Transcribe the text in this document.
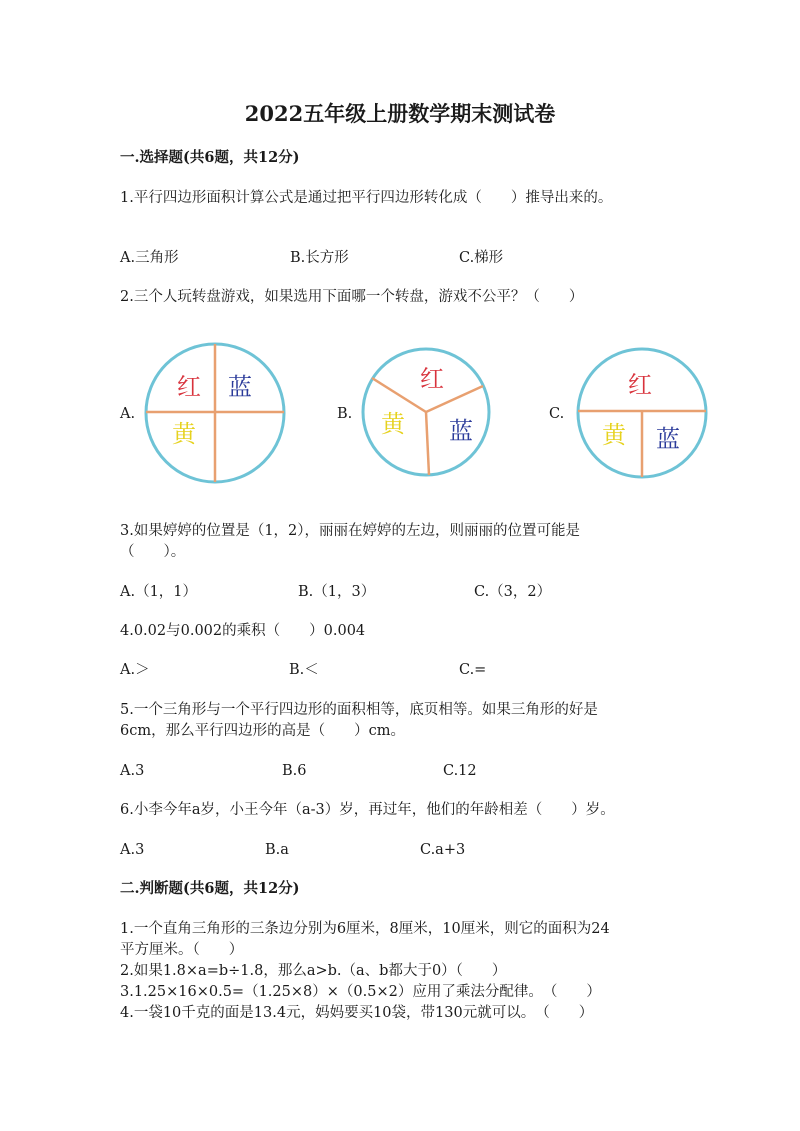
2022五年级上册数学期末测试卷
一.选择题(共6题，共12分)
1.平行四边形面积计算公式是通过把平行四边形转化成（　　）推导出来的。
A.三角形	B.长方形	C.梯形
2.三个人玩转盘游戏，如果选用下面哪一个转盘，游戏不公平？（　　）
A.	B.	C.
红 蓝
黄
红
黄 蓝
红
黄 蓝
3.如果婷婷的位置是（1，2），丽丽在婷婷的左边，则丽丽的位置可能是
（　　）。
A.（1，1）	B.（1，3）	C.（3，2）
4.0.02与0.002的乘积（　　）0.004
A.＞	B.＜	C.=
5.一个三角形与一个平行四边形的面积相等，底页相等。如果三角形的好是
6cm，那么平行四边形的高是（　　）cm。
A.3	B.6	C.12
6.小李今年a岁，小王今年（a-3）岁，再过年，他们的年龄相差（　　）岁。
A.3	B.a	C.a+3
二.判断题(共6题，共12分)
1.一个直角三角形的三条边分别为6厘米，8厘米，10厘米，则它的面积为24
平方厘米。（　　）
2.如果1.8×a=b÷1.8，那么a>b.（a、b都大于0）（　　）
3.1.25×16×0.5=（1.25×8）×（0.5×2）应用了乘法分配律。　（　　）
4.一袋10千克的面是13.4元，妈妈要买10袋，带130元就可以。　（　　）
